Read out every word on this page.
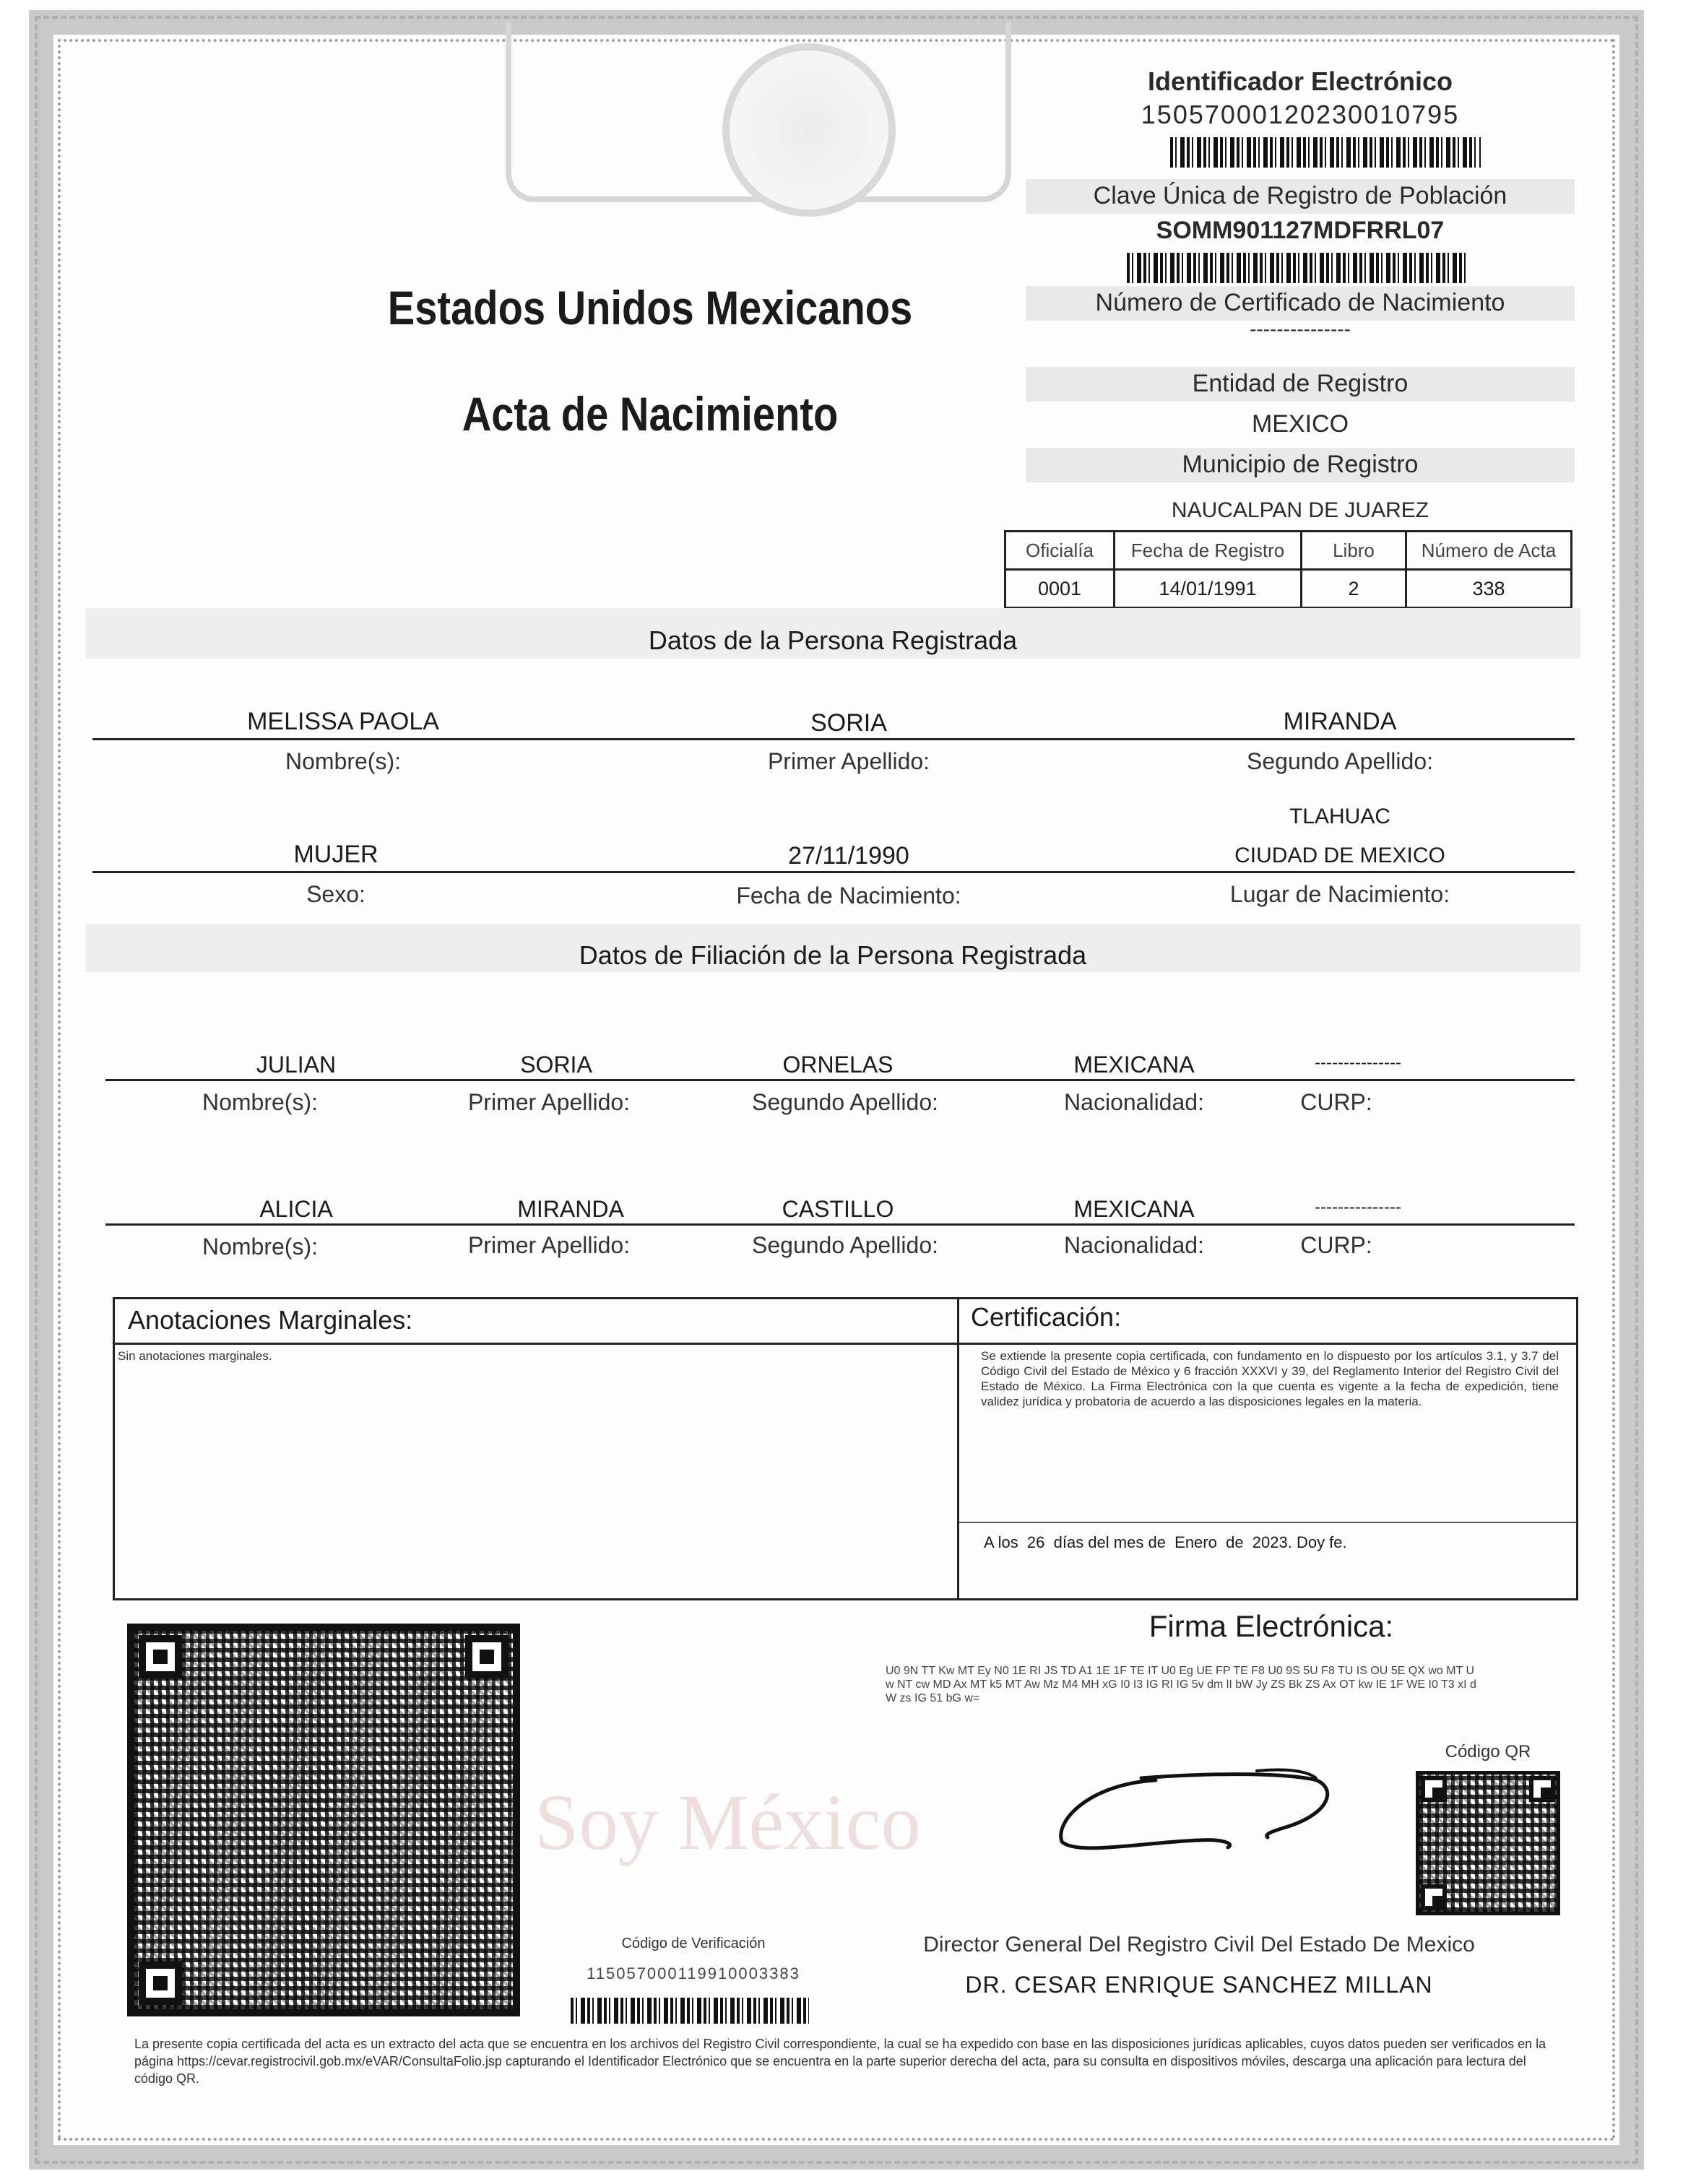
Estados Unidos Mexicanos
Acta de Nacimiento
Identificador Electrónico
15057000120230010795
Clave Única de Registro de Población
SOMM901127MDFRRL07
Número de Certificado de Nacimiento
---------------
Entidad de Registro
MEXICO
Municipio de Registro
NAUCALPAN DE JUAREZ
Oficialía	Fecha de Registro	Libro	Número de Acta
0001	14/01/1991	2	338
Datos de la Persona Registrada
MELISSA PAOLA	SORIA	MIRANDA
Nombre(s):	Primer Apellido:	Segundo Apellido:
TLAHUAC
MUJER	27/11/1990	CIUDAD DE MEXICO
Sexo:	Fecha de Nacimiento:	Lugar de Nacimiento:
Datos de Filiación de la Persona Registrada
JULIAN	SORIA	ORNELAS	MEXICANA	---------------
Nombre(s):	Primer Apellido:	Segundo Apellido:	Nacionalidad:	CURP:
ALICIA	MIRANDA	CASTILLO	MEXICANA	---------------
Nombre(s):	Primer Apellido:	Segundo Apellido:	Nacionalidad:	CURP:
Anotaciones Marginales:
Sin anotaciones marginales.
Certificación:
Se extiende la presente copia certificada, con fundamento en lo dispuesto por los artículos 3.1, y 3.7 del Código Civil del Estado de México y 6 fracción XXXVI y 39, del Reglamento Interior del Registro Civil del Estado de México. La Firma Electrónica con la que cuenta es vigente a la fecha de expedición, tiene validez jurídica y probatoria de acuerdo a las disposiciones legales en la materia.
A los  26  días del mes de  Enero  de  2023. Doy fe.
Soy México
Firma Electrónica:
U0 9N TT Kw MT Ey N0 1E RI JS TD A1 1E 1F TE IT U0 Eg UE FP TE F8 U0 9S 5U F8 TU IS OU 5E QX wo MT Uw NT cw MD Ax MT k5 MT Aw Mz M4 MH xG I0 I3 IG RI IG 5v dm lI bW Jy ZS Bk ZS Ax OT kw IE 1F WE I0 T3 xI dW zs IG 51 bG w=
Código QR
Director General Del Registro Civil Del Estado De Mexico
DR. CESAR ENRIQUE SANCHEZ MILLAN
Código de Verificación
115057000119910003383
La presente copia certificada del acta es un extracto del acta que se encuentra en los archivos del Registro Civil correspondiente, la cual se ha expedido con base en las disposiciones jurídicas aplicables, cuyos datos pueden ser verificados en la página https://cevar.registrocivil.gob.mx/eVAR/ConsultaFolio.jsp capturando el Identificador Electrónico que se encuentra en la parte superior derecha del acta, para su consulta en dispositivos móviles, descarga una aplicación para lectura del código QR.
